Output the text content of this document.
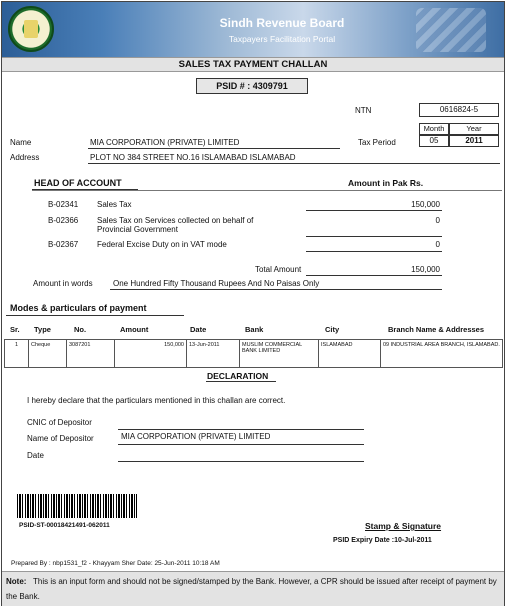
Sindh Revenue Board
Taxpayers Facilitation Portal
SALES TAX PAYMENT CHALLAN
PSID # : 4309791
NTN	0616824-5
Month	Year
05	2011
Tax Period
Name	MIA CORPORATION (PRIVATE) LIMITED
Address	PLOT NO 384 STREET NO.16 ISLAMABAD ISLAMABAD
HEAD OF ACCOUNT	Amount in Pak Rs.
B-02341 Sales Tax	150,000
B-02366 Sales Tax on Services collected on behalf of
Provincial Government
0
B-02367 Federal Excise Duty on in VAT mode	0
Total Amount	150,000
Amount in words	One Hundred Fifty Thousand Rupees And No Paisas Only
Modes & particulars of payment
Sr. Type	No.	Amount	Date	Bank	City	Branch Name & Addresses
1	Cheque	3087201	150,000	13-Jun-2011	MUSLIM COMMERCIAL BANK LIMITED	ISLAMABAD	09 INDUSTRIAL AREA BRANCH, ISLAMABAD.
DECLARATION
I hereby declare that the particulars mentioned in this challan are correct.
CNIC of Depositor
Name of Depositor	MIA CORPORATION (PRIVATE) LIMITED
Date
PSID-ST-000184214​91-062011	Stamp & Signature
PSID Expiry Date :10-Jul-2011
Prepared By : nbp1531_f2 - Khayyam Sher Date: 25-Jun-2011 10:18 AM
Note: This is an input form and should not be signed/stamped by the Bank. However, a CPR should be issued after receipt of payment by the Bank.
